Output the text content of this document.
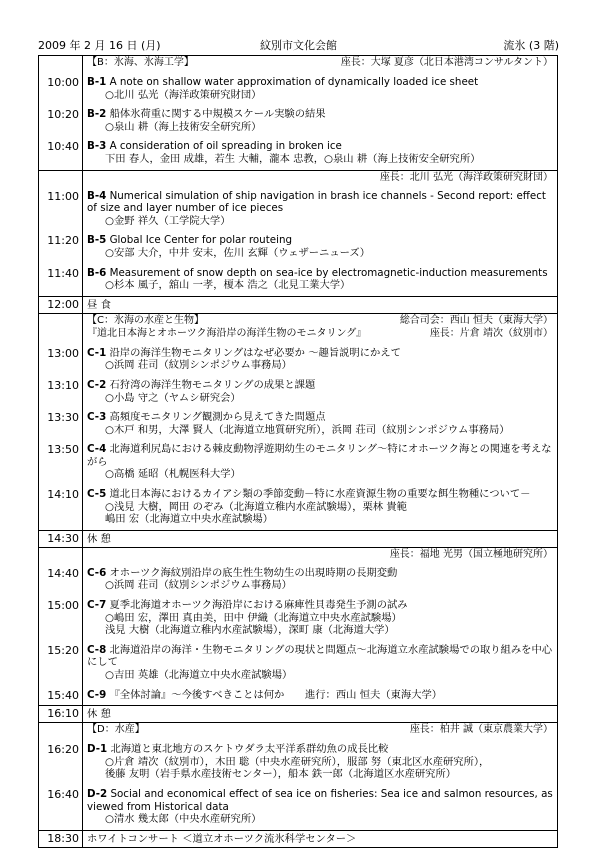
2009 年 2 月 16 日 (月)	紋別市文化会館	流氷 (3 階)

	【B：氷海、氷海工学】 座長：大塚 夏彦（北日本港湾コンサルタント）

10:00	B-1 A note on shallow water approximation of dynamically loaded ice sheet
○北川 弘光（海洋政策研究財団）

10:20	B-2 船体氷荷重に関する中規模スケール実験の結果
○泉山 耕（海上技術安全研究所）

10:40	B-3 A consideration of oil spreading in broken ice
下田 春人，金田 成雄，若生 大輔，瀧本 忠教，○泉山 耕（海上技術安全研究所）

	座長：北川 弘光（海洋政策研究財団）

11:00	B-4 Numerical simulation of ship navigation in brash ice channels - Second report: effect of size and layer number of ice pieces
○金野 祥久（工学院大学）

11:20	B-5 Global Ice Center for polar routeing
○安部 大介，中井 安末，佐川 玄輝（ウェザーニューズ）

11:40	B-6 Measurement of snow depth on sea-ice by electromagnetic-induction measurements
○杉本 風子，舘山 一孝，榎本 浩之（北見工業大学）

12:00	昼 食

	【C：氷海の水産と生物】 総合司会：西山 恒夫（東海大学）
『道北日本海とオホーツク海沿岸の海洋生物のモニタリング』 座長：片倉 靖次（紋別市）

13:00	C-1 沿岸の海洋生物モニタリングはなぜ必要か ～趣旨説明にかえて
○浜岡 荘司（紋別シンポジウム事務局）

13:10	C-2 石狩湾の海洋生物モニタリングの成果と課題
○小島 守之（ヤムシ研究会）

13:30	C-3 高頻度モニタリング観測から見えてきた問題点
○木戸 和男，大澤 賢人（北海道立地質研究所），浜岡 荘司（紋別シンポジウム事務局）

13:50	C-4 北海道利尻島における棘皮動物浮遊期幼生のモニタリング～特にオホーツク海との関連を考えながら
○高橋 延昭（札幌医科大学）

14:10	C-5 道北日本海におけるカイアシ類の季節変動－特に水産資源生物の重要な餌生物種について－
○浅見 大樹，岡田 のぞみ（北海道立稚内水産試験場），栗林 貴範
嶋田 宏（北海道立中央水産試験場）

14:30	休 憩

	座長：福地 光男（国立極地研究所）

14:40	C-6 オホーツク海紋別沿岸の底生性生物幼生の出現時期の長期変動
○浜岡 荘司（紋別シンポジウム事務局）

15:00	C-7 夏季北海道オホーツク海沿岸における麻痺性貝毒発生予測の試み
○嶋田 宏，澤田 真由美，田中 伊織（北海道立中央水産試験場）
浅見 大樹（北海道立稚内水産試験場），深町 康（北海道大学）

15:20	C-8 北海道沿岸の海洋・生物モニタリングの現状と問題点～北海道立水産試験場での取り組みを中心にして
○吉田 英雄（北海道立中央水産試験場）

15:40	C-9 『全体討論』～今後すべきことは何か　　進行：西山 恒夫（東海大学）

16:10	休 憩

	【D：水産】 座長：柏井 誠（東京農業大学）

16:20	D-1 北海道と東北地方のスケトウダラ太平洋系群幼魚の成長比較
○片倉 靖次（紋別市），木田 聡（中央水産研究所），服部 努（東北区水産研究所），
後藤 友明（岩手県水産技術センター），船本 鉄一郎（北海道区水産研究所）

16:40	D-2 Social and economical effect of sea ice on fisheries: Sea ice and salmon resources, as viewed from Historical data
○清水 幾太郎（中央水産研究所）

18:30	ホワイトコンサート ＜道立オホーツク流氷科学センター＞
